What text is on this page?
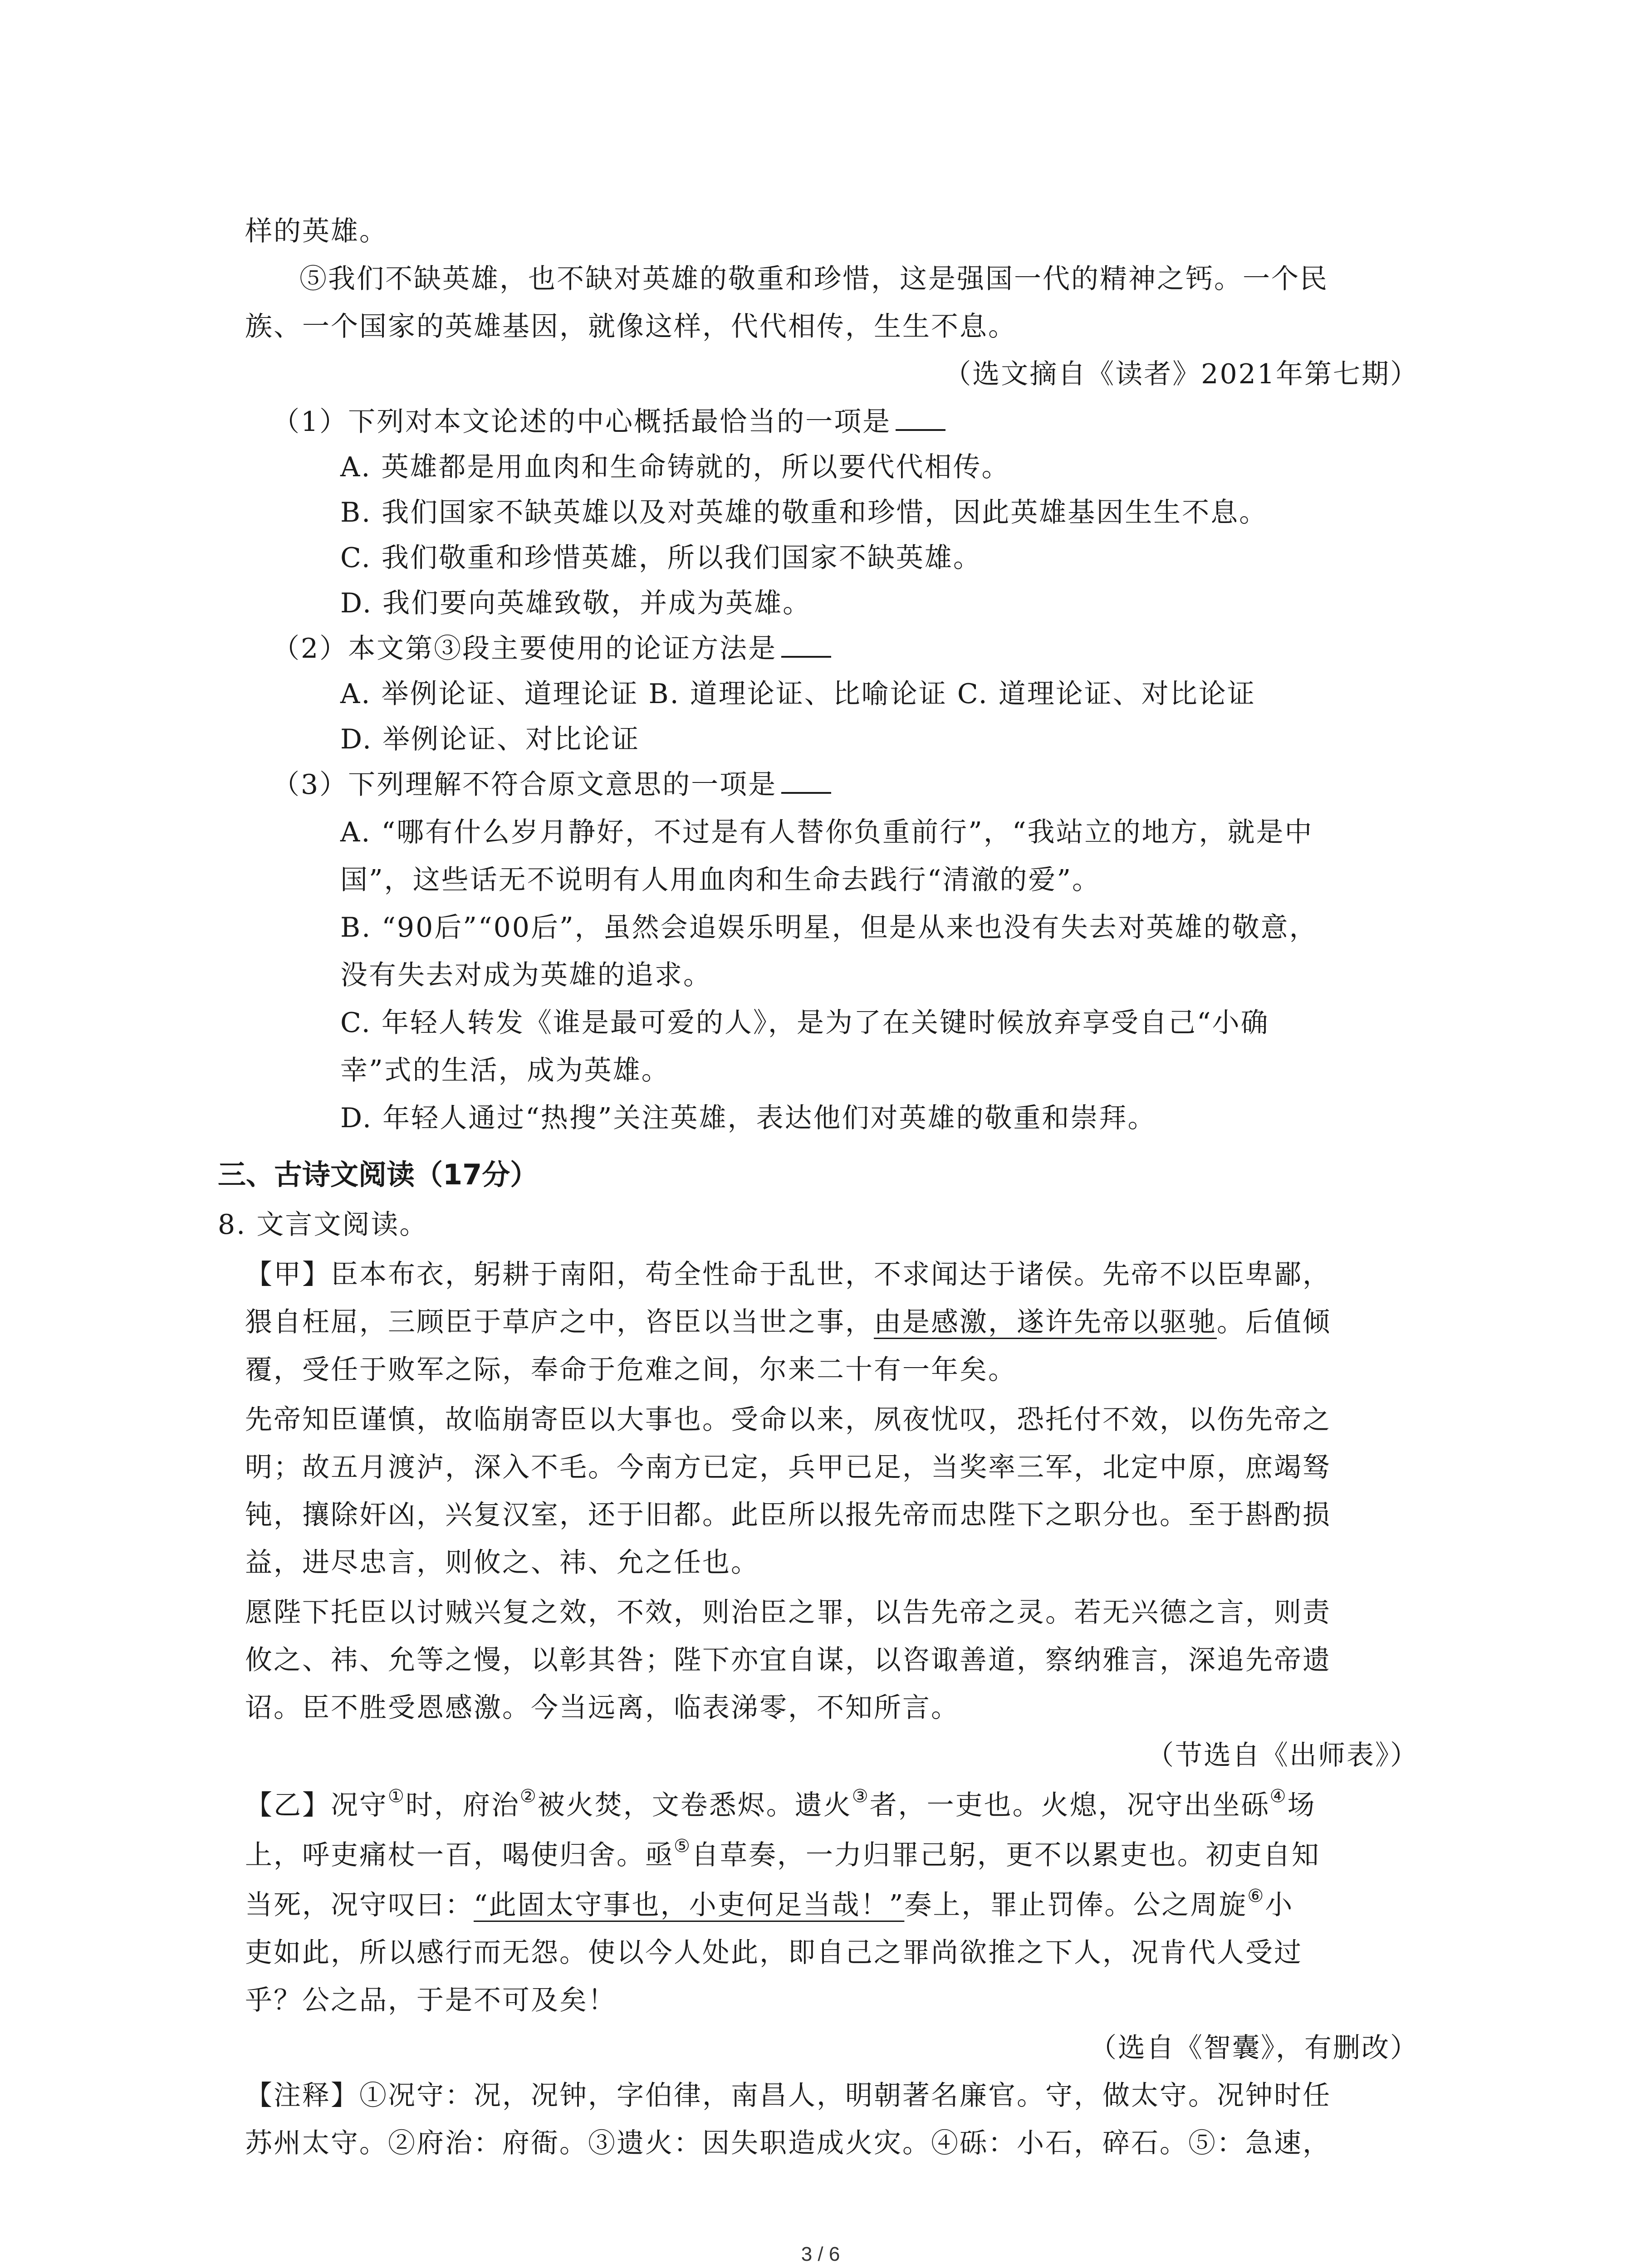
样的英雄。
⑤我们不缺英雄，也不缺对英雄的敬重和珍惜，这是强国一代的精神之钙。一个民
族、一个国家的英雄基因，就像这样，代代相传，生生不息。
（选文摘自《读者》2021年第七期）
（1）下列对本文论述的中心概括最恰当的一项是
A. 英雄都是用血肉和生命铸就的，所以要代代相传。
B. 我们国家不缺英雄以及对英雄的敬重和珍惜，因此英雄基因生生不息。
C. 我们敬重和珍惜英雄，所以我们国家不缺英雄。
D. 我们要向英雄致敬，并成为英雄。
（2）本文第③段主要使用的论证方法是
A. 举例论证、道理论证 B. 道理论证、比喻论证 C. 道理论证、对比论证
D. 举例论证、对比论证
（3）下列理解不符合原文意思的一项是
A. “哪有什么岁月静好，不过是有人替你负重前行”，“我站立的地方，就是中
国”，这些话无不说明有人用血肉和生命去践行“清澈的爱”。
B. “90后”“00后”，虽然会追娱乐明星，但是从来也没有失去对英雄的敬意，
没有失去对成为英雄的追求。
C. 年轻人转发《谁是最可爱的人》，是为了在关键时候放弃享受自己“小确
幸”式的生活，成为英雄。
D. 年轻人通过“热搜”关注英雄，表达他们对英雄的敬重和崇拜。
三、古诗文阅读（17分）
8. 文言文阅读。
【甲】臣本布衣，躬耕于南阳，苟全性命于乱世，不求闻达于诸侯。先帝不以臣卑鄙，
猥自枉屈，三顾臣于草庐之中，咨臣以当世之事，由是感激，遂许先帝以驱驰。后值倾
覆，受任于败军之际，奉命于危难之间，尔来二十有一年矣。
先帝知臣谨慎，故临崩寄臣以大事也。受命以来，夙夜忧叹，恐托付不效，以伤先帝之
明；故五月渡泸，深入不毛。今南方已定，兵甲已足，当奖率三军，北定中原，庶竭驽
钝，攘除奸凶，兴复汉室，还于旧都。此臣所以报先帝而忠陛下之职分也。至于斟酌损
益，进尽忠言，则攸之、祎、允之任也。
愿陛下托臣以讨贼兴复之效，不效，则治臣之罪，以告先帝之灵。若无兴德之言，则责
攸之、祎、允等之慢，以彰其咎；陛下亦宜自谋，以咨诹善道，察纳雅言，深追先帝遗
诏。臣不胜受恩感激。今当远离，临表涕零，不知所言。
（节选自《出师表》）
【乙】况守①时，府治②被火焚，文卷悉烬。遗火③者，一吏也。火熄，况守出坐砾④场
上，呼吏痛杖一百，喝使归舍。亟⑤自草奏，一力归罪己躬，更不以累吏也。初吏自知
当死，况守叹曰：“此固太守事也，小吏何足当哉！”奏上，罪止罚俸。公之周旋⑥小
吏如此，所以感行而无怨。使以今人处此，即自己之罪尚欲推之下人，况肯代人受过
乎？公之品，于是不可及矣！
（选自《智囊》，有删改）
【注释】①况守：况，况钟，字伯律，南昌人，明朝著名廉官。守，做太守。况钟时任
苏州太守。②府治：府衙。③遗火：因失职造成火灾。④砾：小石，碎石。⑤：急速，
3 / 6
